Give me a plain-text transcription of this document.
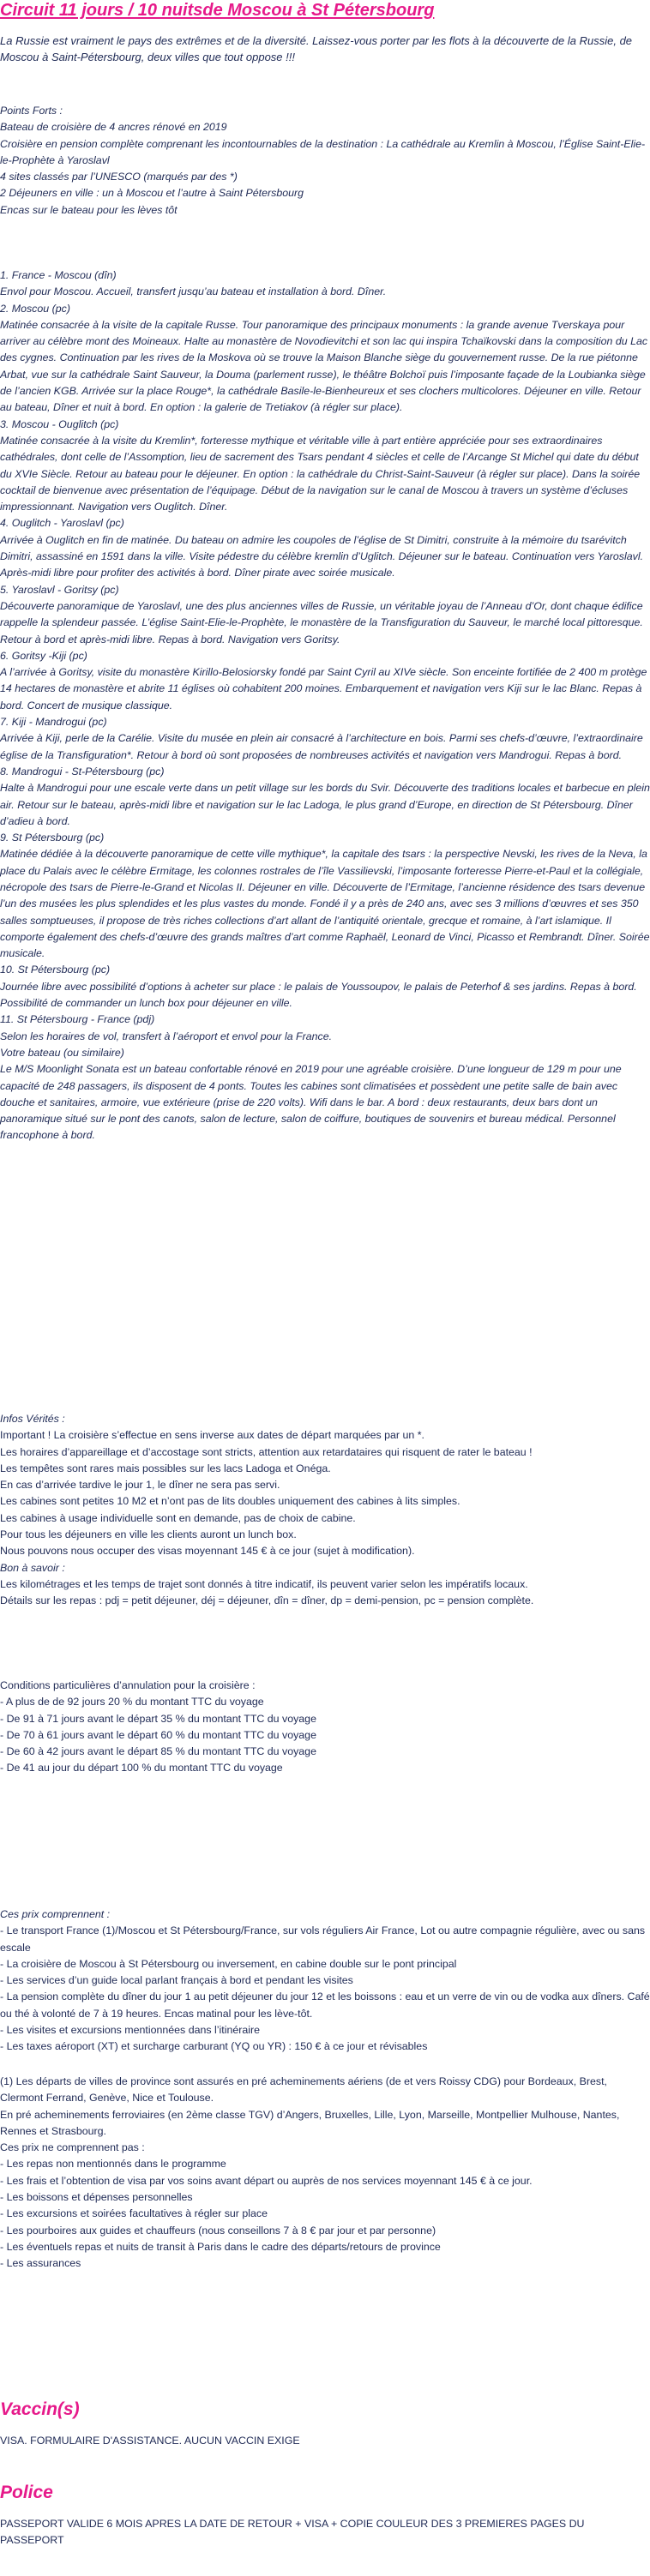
Circuit 11 jours / 10 nuitsde Moscou à St Pétersbourg

La Russie est vraiment le pays des extrêmes et de la diversité. Laissez-vous porter par les flots à la découverte de la Russie, de Moscou à Saint-Pétersbourg, deux villes que tout oppose !!!

Points Forts :
Bateau de croisière de 4 ancres rénové en 2019
Croisière en pension complète comprenant les incontournables de la destination : La cathédrale au Kremlin à Moscou, l’Église Saint-Elie-le-Prophète à Yaroslavl
4 sites classés par l’UNESCO (marqués par des *)
2 Déjeuners en ville : un à Moscou et l’autre à Saint Pétersbourg
Encas sur le bateau pour les lèves tôt
1. France - Moscou (dîn)
Envol pour Moscou. Accueil, transfert jusqu’au bateau et installation à bord. Dîner.
2. Moscou (pc)
Matinée consacrée à la visite de la capitale Russe. Tour panoramique des principaux monuments : la grande avenue Tverskaya pour arriver au célèbre mont des Moineaux. Halte au monastère de Novodievitchi et son lac qui inspira Tchaïkovski dans la composition du Lac des cygnes. Continuation par les rives de la Moskova où se trouve la Maison Blanche siège du gouvernement russe. De la rue piétonne Arbat, vue sur la cathédrale Saint Sauveur, la Douma (parlement russe), le théâtre Bolchoï puis l’imposante façade de la Loubianka siège de l’ancien KGB. Arrivée sur la place Rouge*, la cathédrale Basile-le-Bienheureux et ses clochers multicolores. Déjeuner en ville. Retour au bateau, Dîner et nuit à bord. En option : la galerie de Tretiakov (à régler sur place).
3. Moscou - Ouglitch (pc)
Matinée consacrée à la visite du Kremlin*, forteresse mythique et véritable ville à part entière appréciée pour ses extraordinaires cathédrales, dont celle de l’Assomption, lieu de sacrement des Tsars pendant 4 siècles et celle de l’Arcange St Michel qui date du début du XVIe Siècle. Retour au bateau pour le déjeuner. En option : la cathédrale du Christ-Saint-Sauveur (à régler sur place). Dans la soirée cocktail de bienvenue avec présentation de l’équipage. Début de la navigation sur le canal de Moscou à travers un système d’écluses impressionnant. Navigation vers Ouglitch. Dîner.
4. Ouglitch - Yaroslavl (pc)
Arrivée à Ouglitch en fin de matinée. Du bateau on admire les coupoles de l’église de St Dimitri, construite à la mémoire du tsarévitch Dimitri, assassiné en 1591 dans la ville. Visite pédestre du célèbre kremlin d’Uglitch. Déjeuner sur le bateau. Continuation vers Yaroslavl. Après-midi libre pour profiter des activités à bord. Dîner pirate avec soirée musicale.
5. Yaroslavl - Goritsy (pc)
Découverte panoramique de Yaroslavl, une des plus anciennes villes de Russie, un véritable joyau de l’Anneau d’Or, dont chaque édifice rappelle la splendeur passée. L’église Saint-Elie-le-Prophète, le monastère de la Transfiguration du Sauveur, le marché local pittoresque. Retour à bord et après-midi libre. Repas à bord. Navigation vers Goritsy.
6. Goritsy -Kiji (pc)
A l’arrivée à Goritsy, visite du monastère Kirillo-Belosiorsky fondé par Saint Cyril au XIVe siècle. Son enceinte fortifiée de 2 400 m protège 14 hectares de monastère et abrite 11 églises où cohabitent 200 moines. Embarquement et navigation vers Kiji sur le lac Blanc. Repas à bord. Concert de musique classique.
7. Kiji - Mandrogui (pc)
Arrivée à Kiji, perle de la Carélie. Visite du musée en plein air consacré à l’architecture en bois. Parmi ses chefs-d’œuvre, l’extraordinaire église de la Transfiguration*. Retour à bord où sont proposées de nombreuses activités et navigation vers Mandrogui. Repas à bord.
8. Mandrogui - St-Pétersbourg (pc)
Halte à Mandrogui pour une escale verte dans un petit village sur les bords du Svir. Découverte des traditions locales et barbecue en plein air. Retour sur le bateau, après-midi libre et navigation sur le lac Ladoga, le plus grand d’Europe, en direction de St Pétersbourg. Dîner d’adieu à bord.
9. St Pétersbourg (pc)
Matinée dédiée à la découverte panoramique de cette ville mythique*, la capitale des tsars : la perspective Nevski, les rives de la Neva, la place du Palais avec le célèbre Ermitage, les colonnes rostrales de l’île Vassilievski, l’imposante forteresse Pierre-et-Paul et la collégiale, nécropole des tsars de Pierre-le-Grand et Nicolas II. Déjeuner en ville. Découverte de l’Ermitage, l’ancienne résidence des tsars devenue l’un des musées les plus splendides et les plus vastes du monde. Fondé il y a près de 240 ans, avec ses 3 millions d’œuvres et ses 350 salles somptueuses, il propose de très riches collections d’art allant de l’antiquité orientale, grecque et romaine, à l’art islamique. Il comporte également des chefs-d’œuvre des grands maîtres d’art comme Raphaël, Leonard de Vinci, Picasso et Rembrandt. Dîner. Soirée musicale.
10. St Pétersbourg (pc)
Journée libre avec possibilité d’options à acheter sur place : le palais de Youssoupov, le palais de Peterhof & ses jardins. Repas à bord. Possibilité de commander un lunch box pour déjeuner en ville.
11. St Pétersbourg - France (pdj)
Selon les horaires de vol, transfert à l’aéroport et envol pour la France.
Votre bateau (ou similaire)
Le M/S Moonlight Sonata est un bateau confortable rénové en 2019 pour une agréable croisière. D’une longueur de 129 m pour une capacité de 248 passagers, ils disposent de 4 ponts. Toutes les cabines sont climatisées et possèdent une petite salle de bain avec douche et sanitaires, armoire, vue extérieure (prise de 220 volts). Wifi dans le bar. A bord : deux restaurants, deux bars dont un panoramique situé sur le pont des canots, salon de lecture, salon de coiffure, boutiques de souvenirs et bureau médical. Personnel francophone à bord.
Infos Vérités :
Important ! La croisière s’effectue en sens inverse aux dates de départ marquées par un *.
Les horaires d’appareillage et d’accostage sont stricts, attention aux retardataires qui risquent de rater le bateau !
Les tempêtes sont rares mais possibles sur les lacs Ladoga et Onéga.
En cas d’arrivée tardive le jour 1, le dîner ne sera pas servi.
Les cabines sont petites 10 M2 et n’ont pas de lits doubles uniquement des cabines à lits simples.
Les cabines à usage individuelle sont en demande, pas de choix de cabine.
Pour tous les déjeuners en ville les clients auront un lunch box.
Nous pouvons nous occuper des visas moyennant 145 € à ce jour (sujet à modification).
Bon à savoir :
Les kilométrages et les temps de trajet sont donnés à titre indicatif, ils peuvent varier selon les impératifs locaux.
Détails sur les repas : pdj = petit déjeuner, déj = déjeuner, dîn = dîner, dp = demi-pension, pc = pension complète.
Conditions particulières d’annulation pour la croisière :
- A plus de de 92 jours 20 % du montant TTC du voyage
- De 91 à 71 jours avant le départ 35 % du montant TTC du voyage
- De 70 à 61 jours avant le départ 60 % du montant TTC du voyage
- De 60 à 42 jours avant le départ 85 % du montant TTC du voyage
- De 41 au jour du départ 100 % du montant TTC du voyage
Ces prix comprennent :
- Le transport France (1)/Moscou et St Pétersbourg/France, sur vols réguliers Air France, Lot ou autre compagnie régulière, avec ou sans escale
- La croisière de Moscou à St Pétersbourg ou inversement, en cabine double sur le pont principal
- Les services d’un guide local parlant français à bord et pendant les visites
- La pension complète du dîner du jour 1 au petit déjeuner du jour 12 et les boissons : eau et un verre de vin ou de vodka aux dîners. Café ou thé à volonté de 7 à 19 heures. Encas matinal pour les lève-tôt.
- Les visites et excursions mentionnées dans l’itinéraire
- Les taxes aéroport (XT) et surcharge carburant (YQ ou YR) : 150 € à ce jour et révisables
(1) Les départs de villes de province sont assurés en pré acheminements aériens (de et vers Roissy CDG) pour Bordeaux, Brest, Clermont Ferrand, Genève, Nice et Toulouse.
En pré acheminements ferroviaires (en 2ème classe TGV) d’Angers, Bruxelles, Lille, Lyon, Marseille, Montpellier Mulhouse, Nantes, Rennes et Strasbourg.
Ces prix ne comprennent pas :
- Les repas non mentionnés dans le programme
- Les frais et l’obtention de visa par vos soins avant départ ou auprès de nos services moyennant 145 € à ce jour.
- Les boissons et dépenses personnelles
- Les excursions et soirées facultatives à régler sur place
- Les pourboires aux guides et chauffeurs (nous conseillons 7 à 8 € par jour et par personne)
- Les éventuels repas et nuits de transit à Paris dans le cadre des départs/retours de province
- Les assurances
Vaccin(s)

VISA. FORMULAIRE D'ASSISTANCE. AUCUN VACCIN EXIGE

Police

PASSEPORT VALIDE 6 MOIS APRES LA DATE DE RETOUR + VISA + COPIE COULEUR DES 3 PREMIERES PAGES DU PASSEPORT
